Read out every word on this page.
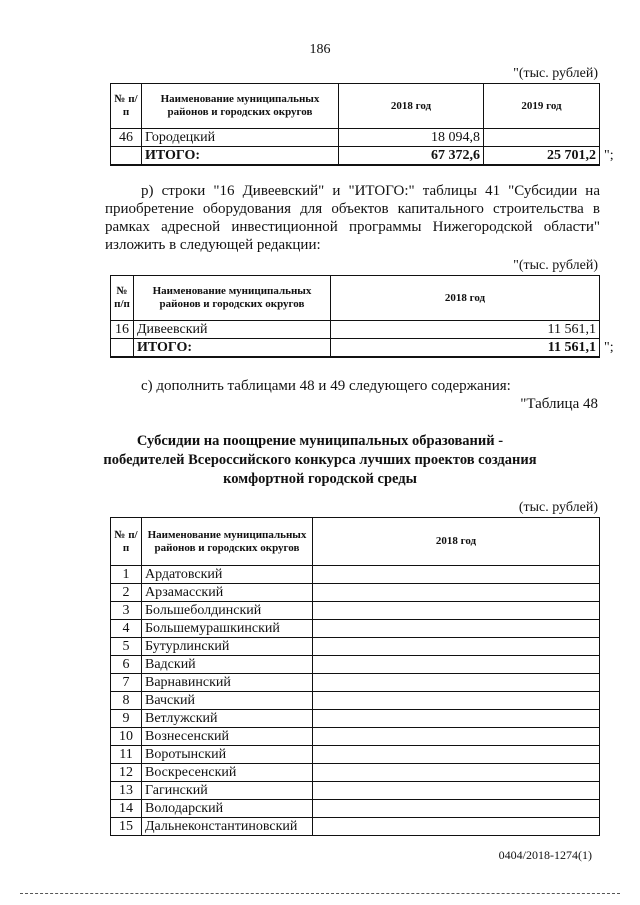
186
"(тыс. рублей)
№ п/п	Наименование муниципальных районов и городских округов	2018 год	2019 год
46	Городецкий	18 094,8	
	ИТОГО:	67 372,6	25 701,2 ";
р) строки "16 Дивеевский" и "ИТОГО:" таблицы 41 "Субсидии на приобретение оборудования для объектов капитального строительства в рамках адресной инвестиционной программы Нижегородской области" изложить в следующей редакции:
"(тыс. рублей)
№ п/п	Наименование муниципальных районов и городских округов	2018 год
16	Дивеевский	11 561,1
	ИТОГО:	11 561,1 ";
с) дополнить таблицами 48 и 49 следующего содержания:
"Таблица 48
Субсидии на поощрение муниципальных образований - победителей Всероссийского конкурса лучших проектов создания комфортной городской среды
(тыс. рублей)
№ п/п	Наименование муниципальных районов и городских округов	2018 год
1	Ардатовский	
2	Арзамасский	
3	Большеболдинский	
4	Большемурашкинский	
5	Бутурлинский	
6	Вадский	
7	Варнавинский	
8	Вачский	
9	Ветлужский	
10	Вознесенский	
11	Воротынский	
12	Воскресенский	
13	Гагинский	
14	Володарский	
15	Дальнеконстантиновский	
0404/2018-1274(1)
